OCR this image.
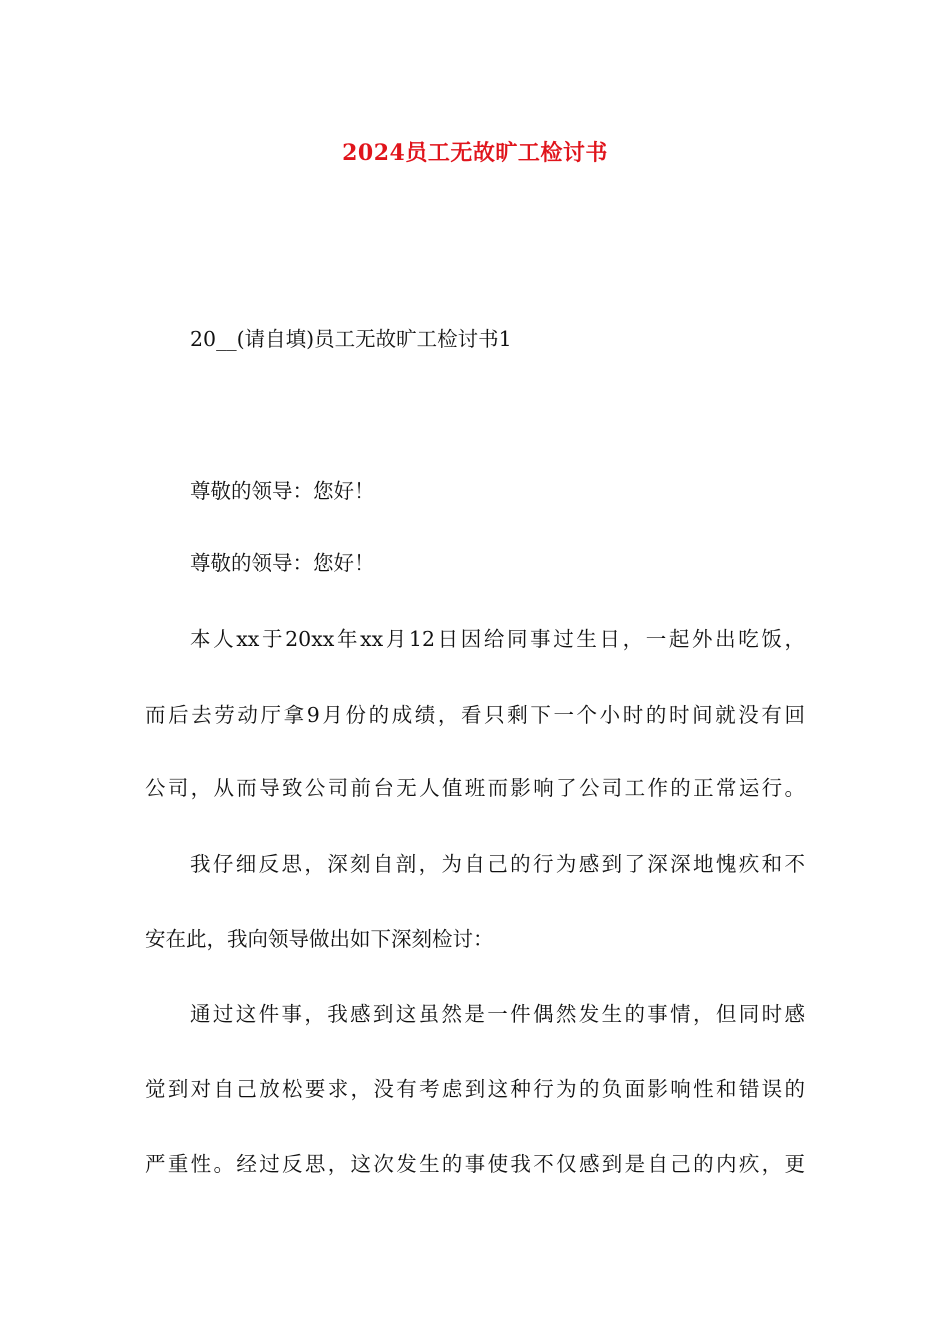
2024员工无故旷工检讨书
20__(请自填)员工无故旷工检讨书1
尊敬的领导：您好！
尊敬的领导：您好！
本人xx于20xx年xx月12日因给同事过生日，一起外出吃饭，
而后去劳动厅拿9月份的成绩，看只剩下一个小时的时间就没有回
公司，从而导致公司前台无人值班而影响了公司工作的正常运行。
我仔细反思，深刻自剖，为自己的行为感到了深深地愧疚和不
安在此，我向领导做出如下深刻检讨：
通过这件事，我感到这虽然是一件偶然发生的事情，但同时感
觉到对自己放松要求，没有考虑到这种行为的负面影响性和错误的
严重性。经过反思，这次发生的事使我不仅感到是自己的内疚，更
